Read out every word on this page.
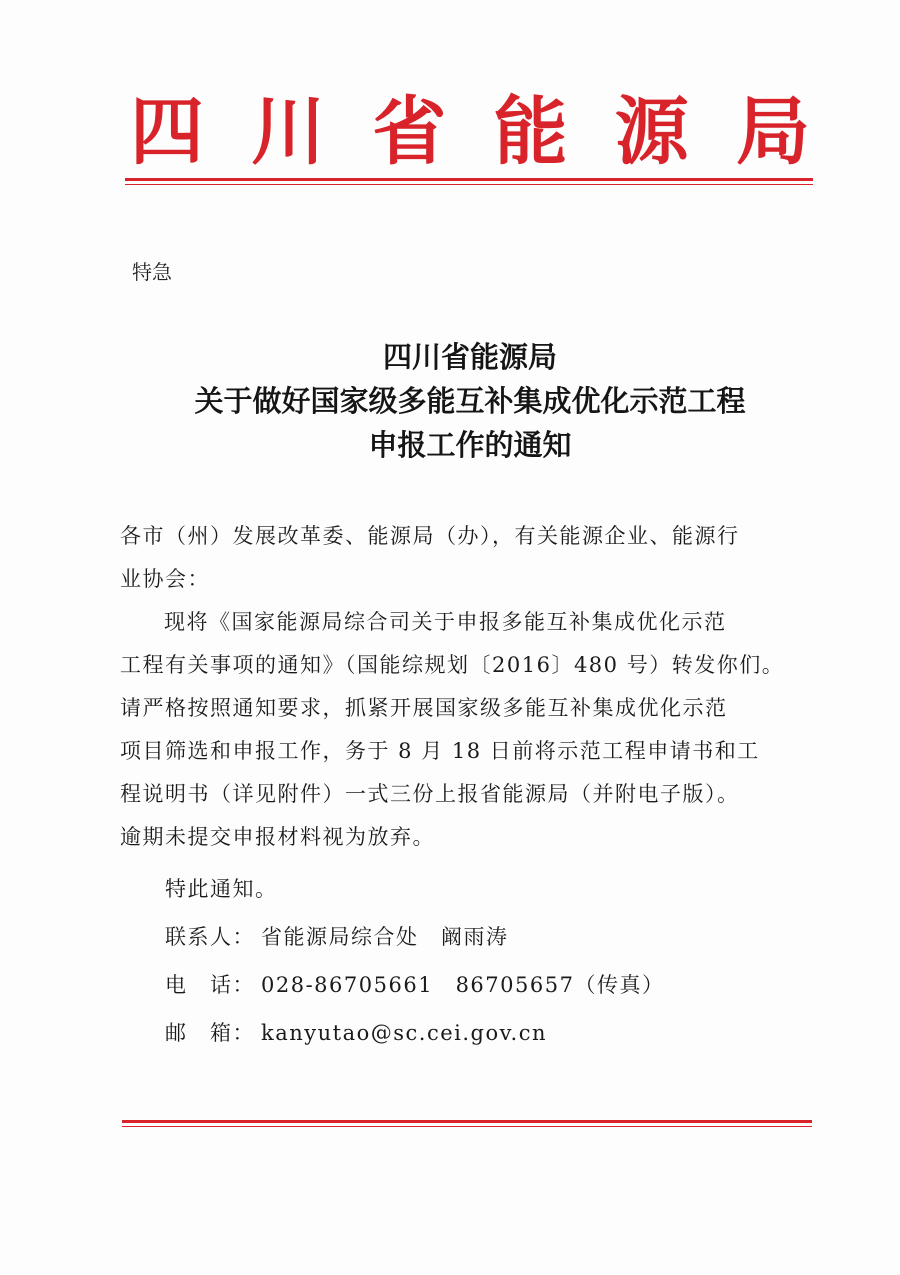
四 川 省 能 源 局
特急
四川省能源局
关于做好国家级多能互补集成优化示范工程
申报工作的通知
各市（州）发展改革委、能源局（办），有关能源企业、能源行
业协会：
现将《国家能源局综合司关于申报多能互补集成优化示范
工程有关事项的通知》（国能综规划〔2016〕480 号）转发你们。
请严格按照通知要求，抓紧开展国家级多能互补集成优化示范
项目筛选和申报工作，务于 8 月 18 日前将示范工程申请书和工
程说明书（详见附件）一式三份上报省能源局（并附电子版）。
逾期未提交申报材料视为放弃。
特此通知。
联系人： 省能源局综合处　阚雨涛
电　话： 028-86705661　86705657（传真）
邮　箱： kanyutao@sc.cei.gov.cn
